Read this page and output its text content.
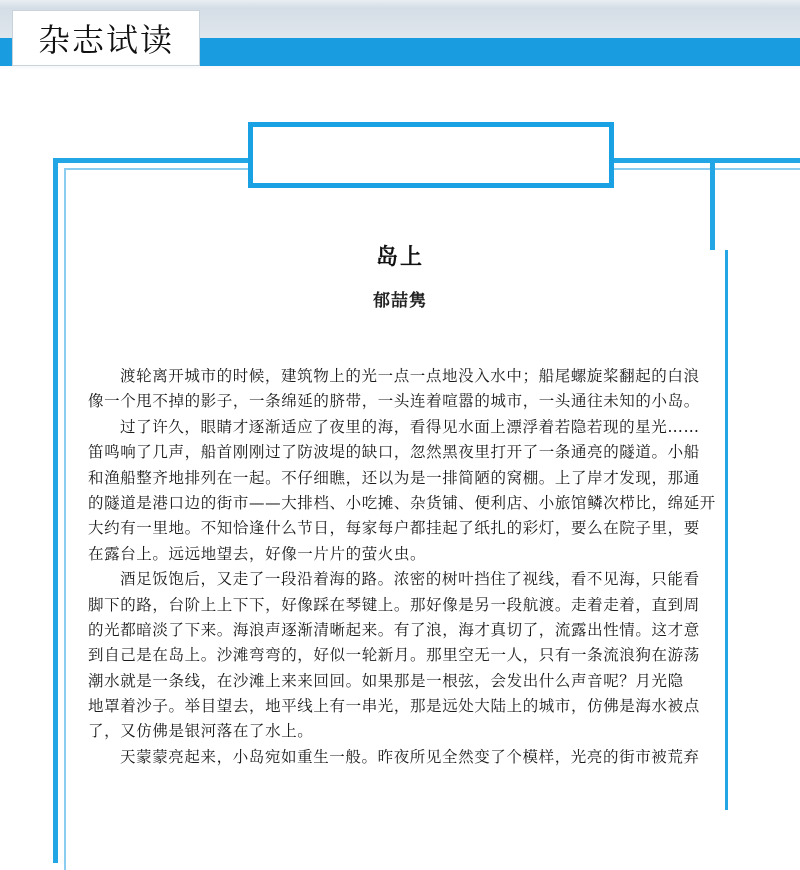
杂志试读
岛上
郁喆隽
渡轮离开城市的时候，建筑物上的光一点一点地没入水中；船尾螺旋桨翻起的白浪
像一个甩不掉的影子，一条绵延的脐带，一头连着喧嚣的城市，一头通往未知的小岛。
过了许久，眼睛才逐渐适应了夜里的海，看得见水面上漂浮着若隐若现的星光……
笛鸣响了几声，船首刚刚过了防波堤的缺口，忽然黑夜里打开了一条通亮的隧道。小船
和渔船整齐地排列在一起。不仔细瞧，还以为是一排简陋的窝棚。上了岸才发现，那通
的隧道是港口边的街市——大排档、小吃摊、杂货铺、便利店、小旅馆鳞次栉比，绵延开
大约有一里地。不知恰逢什么节日，每家每户都挂起了纸扎的彩灯，要么在院子里，要
在露台上。远远地望去，好像一片片的萤火虫。
酒足饭饱后，又走了一段沿着海的路。浓密的树叶挡住了视线，看不见海，只能看
脚下的路，台阶上上下下，好像踩在琴键上。那好像是另一段航渡。走着走着，直到周
的光都暗淡了下来。海浪声逐渐清晰起来。有了浪，海才真切了，流露出性情。这才意
到自己是在岛上。沙滩弯弯的，好似一轮新月。那里空无一人，只有一条流浪狗在游荡
潮水就是一条线，在沙滩上来来回回。如果那是一根弦，会发出什么声音呢？月光隐
地罩着沙子。举目望去，地平线上有一串光，那是远处大陆上的城市，仿佛是海水被点
了，又仿佛是银河落在了水上。
天蒙蒙亮起来，小岛宛如重生一般。昨夜所见全然变了个模样，光亮的街市被荒弃
